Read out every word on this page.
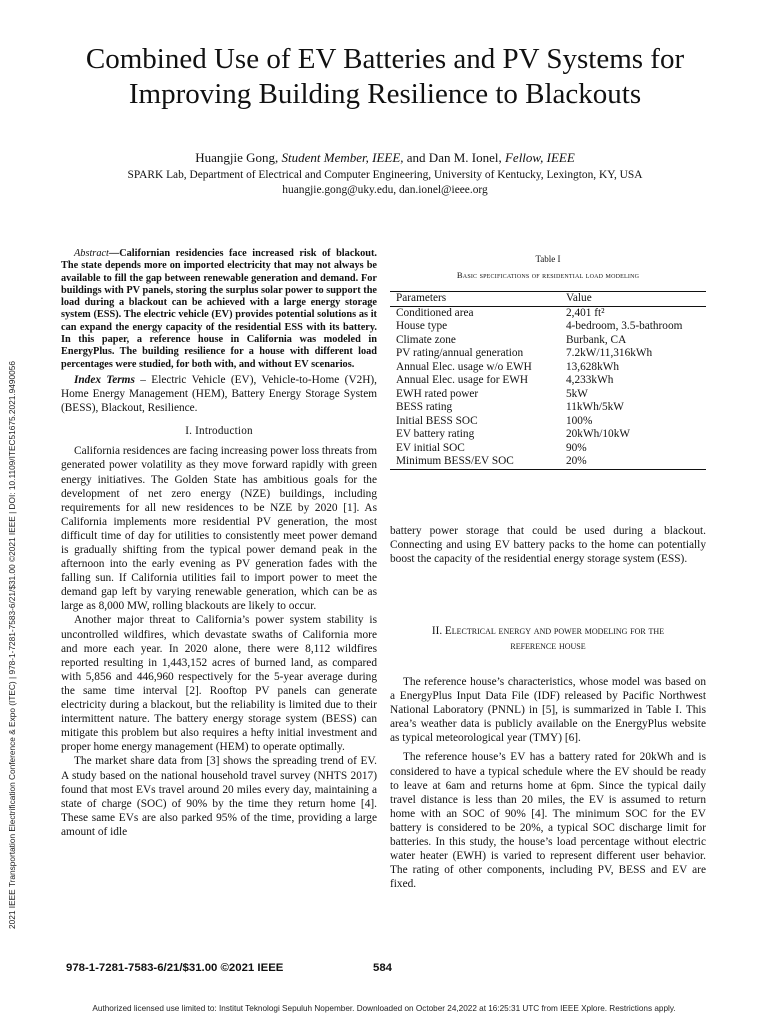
2021 IEEE Transportation Electrification Conference & Expo (ITEC) | 978-1-7281-7583-6/21/$31.00 ©2021 IEEE | DOI: 10.1109/ITEC51675.2021.9490056
Combined Use of EV Batteries and PV Systems for
Improving Building Resilience to Blackouts
Huangjie Gong, Student Member, IEEE, and Dan M. Ionel, Fellow, IEEE
SPARK Lab, Department of Electrical and Computer Engineering, University of Kentucky, Lexington, KY, USA
huangjie.gong@uky.edu, dan.ionel@ieee.org

Abstract—Californian residencies face increased risk of blackout. The state depends more on imported electricity that may not always be available to fill the gap between renewable generation and demand. For buildings with PV panels, storing the surplus solar power to support the load during a blackout can be achieved with a large energy storage system (ESS). The electric vehicle (EV) provides potential solutions as it can expand the energy capacity of the residential ESS with its battery. In this paper, a reference house in California was modeled in EnergyPlus. The building resilience for a house with different load percentages were studied, for both with, and without EV scenarios.

Index Terms – Electric Vehicle (EV), Vehicle-to-Home (V2H), Home Energy Management (HEM), Battery Energy Storage System (BESS), Blackout, Resilience.

I. Introduction

California residences are facing increasing power loss threats from generated power volatility as they move forward rapidly with green energy initiatives. The Golden State has ambitious goals for the development of net zero energy (NZE) buildings, including requirements for all new residences to be NZE by 2020 [1]. As California implements more residential PV generation, the most difficult time of day for utilities to consistently meet power demand is gradually shifting from the typical power demand peak in the afternoon into the early evening as PV generation fades with the falling sun. If California utilities fail to import power to meet the demand gap left by varying renewable generation, which can be as large as 8,000 MW, rolling blackouts are likely to occur.

Another major threat to California’s power system stability is uncontrolled wildfires, which devastate swaths of California more and more each year. In 2020 alone, there were 8,112 wildfires reported resulting in 1,443,152 acres of burned land, as compared with 5,856 and 446,960 respectively for the 5-year average during the same time interval [2]. Rooftop PV panels can generate electricity during a blackout, but the reliability is limited due to their intermittent nature. The battery energy storage system (BESS) can mitigate this problem but also requires a hefty initial investment and proper home energy management (HEM) to operate optimally.

The market share data from [3] shows the spreading trend of EV. A study based on the national household travel survey (NHTS 2017) found that most EVs travel around 20 miles every day, maintaining a state of charge (SOC) of 90% by the time they return home [4]. These same EVs are also parked 95% of the time, providing a large amount of idle

Table I
Basic specifications of residential load modeling
Parameters	Value
Conditioned area	2,401 ft²
House type	4-bedroom, 3.5-bathroom
Climate zone	Burbank, CA
PV rating/annual generation	7.2kW/11,316kWh
Annual Elec. usage w/o EWH	13,628kWh
Annual Elec. usage for EWH	4,233kWh
EWH rated power	5kW
BESS rating	11kWh/5kW
Initial BESS SOC	100%
EV battery rating	20kWh/10kW
EV initial SOC	90%
Minimum BESS/EV SOC	20%
battery power storage that could be used during a blackout. Connecting and using EV battery packs to the home can potentially boost the capacity of the residential energy storage system (ESS).
II. Electrical energy and power modeling for the
reference house

The reference house’s characteristics, whose model was based on a EnergyPlus Input Data File (IDF) released by Pacific Northwest National Laboratory (PNNL) in [5], is summarized in Table I. This area’s weather data is publicly available on the EnergyPlus website as typical meteorological year (TMY) [6].

The reference house’s EV has a battery rated for 20kWh and is considered to have a typical schedule where the EV should be ready to leave at 6am and returns home at 6pm. Since the typical daily travel distance is less than 20 miles, the EV is assumed to return home with an SOC of 90% [4]. The minimum SOC for the EV battery is considered to be 20%, a typical SOC discharge limit for batteries. In this study, the house’s load percentage without electric water heater (EWH) is varied to represent different user behavior. The rating of other components, including PV, BESS and EV are fixed.

978-1-7281-7583-6/21/$31.00 ©2021 IEEE	584
Authorized licensed use limited to: Institut Teknologi Sepuluh Nopember. Downloaded on October 24,2022 at 16:25:31 UTC from IEEE Xplore. Restrictions apply.
